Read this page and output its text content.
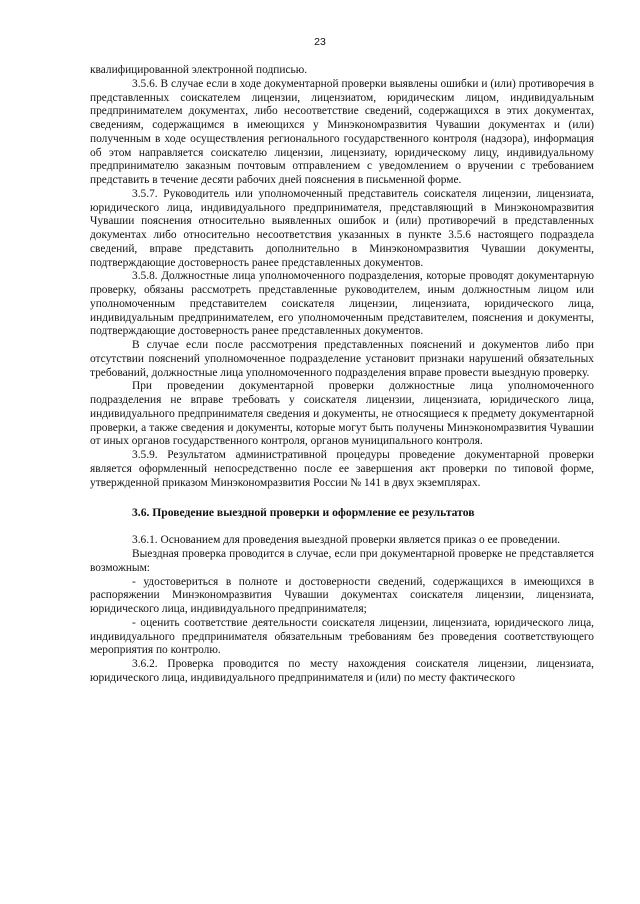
23

квалифицированной электронной подписью.

3.5.6. В случае если в ходе документарной проверки выявлены ошибки и (или) противоречия в представленных соискателем лицензии, лицензиатом, юридическим лицом, индивидуальным предпринимателем документах, либо несоответствие сведений, содержащихся в этих документах, сведениям, содержащимся в имеющихся у Минэкономразвития Чувашии документах и (или) полученным в ходе осуществления регионального государственного контроля (надзора), информация об этом направляется соискателю лицензии, лицензиату, юридическому лицу, индивидуальному предпринимателю заказным почтовым отправлением с уведомлением о вручении с требованием представить в течение десяти рабочих дней пояснения в письменной форме.

3.5.7. Руководитель или уполномоченный представитель соискателя лицензии, лицензиата, юридического лица, индивидуального предпринимателя, представляющий в Минэкономразвития Чувашии пояснения относительно выявленных ошибок и (или) противоречий в представленных документах либо относительно несоответствия указанных в пункте 3.5.6 настоящего подраздела сведений, вправе представить дополнительно в Минэкономразвития Чувашии документы, подтверждающие достоверность ранее представленных документов.

3.5.8. Должностные лица уполномоченного подразделения, которые проводят документарную проверку, обязаны рассмотреть представленные руководителем, иным должностным лицом или уполномоченным представителем соискателя лицензии, лицензиата, юридического лица, индивидуальным предпринимателем, его уполномоченным представителем, пояснения и документы, подтверждающие достоверность ранее представленных документов.

В случае если после рассмотрения представленных пояснений и документов либо при отсутствии пояснений уполномоченное подразделение установит признаки нарушений обязательных требований, должностные лица уполномоченного подразделения вправе провести выездную проверку.

При проведении документарной проверки должностные лица уполномоченного подразделения не вправе требовать у соискателя лицензии, лицензиата, юридического лица, индивидуального предпринимателя сведения и документы, не относящиеся к предмету документарной проверки, а также сведения и документы, которые могут быть получены Минэкономразвития Чувашии от иных органов государственного контроля, органов муниципального контроля.

3.5.9. Результатом административной процедуры проведение документарной проверки является оформленный непосредственно после ее завершения акт проверки по типовой форме, утвержденной приказом Минэкономразвития России № 141 в двух экземплярах.

3.6. Проведение выездной проверки и оформление ее результатов

3.6.1. Основанием для проведения выездной проверки является приказ о ее проведении.

Выездная проверка проводится в случае, если при документарной проверке не представляется возможным:

- удостовериться в полноте и достоверности сведений, содержащихся в имеющихся в распоряжении Минэкономразвития Чувашии документах соискателя лицензии, лицензиата, юридического лица, индивидуального предпринимателя;

- оценить соответствие деятельности соискателя лицензии, лицензиата, юридического лица, индивидуального предпринимателя обязательным требованиям без проведения соответствующего мероприятия по контролю.

3.6.2. Проверка проводится по месту нахождения соискателя лицензии, лицензиата, юридического лица, индивидуального предпринимателя и (или) по месту фактического
